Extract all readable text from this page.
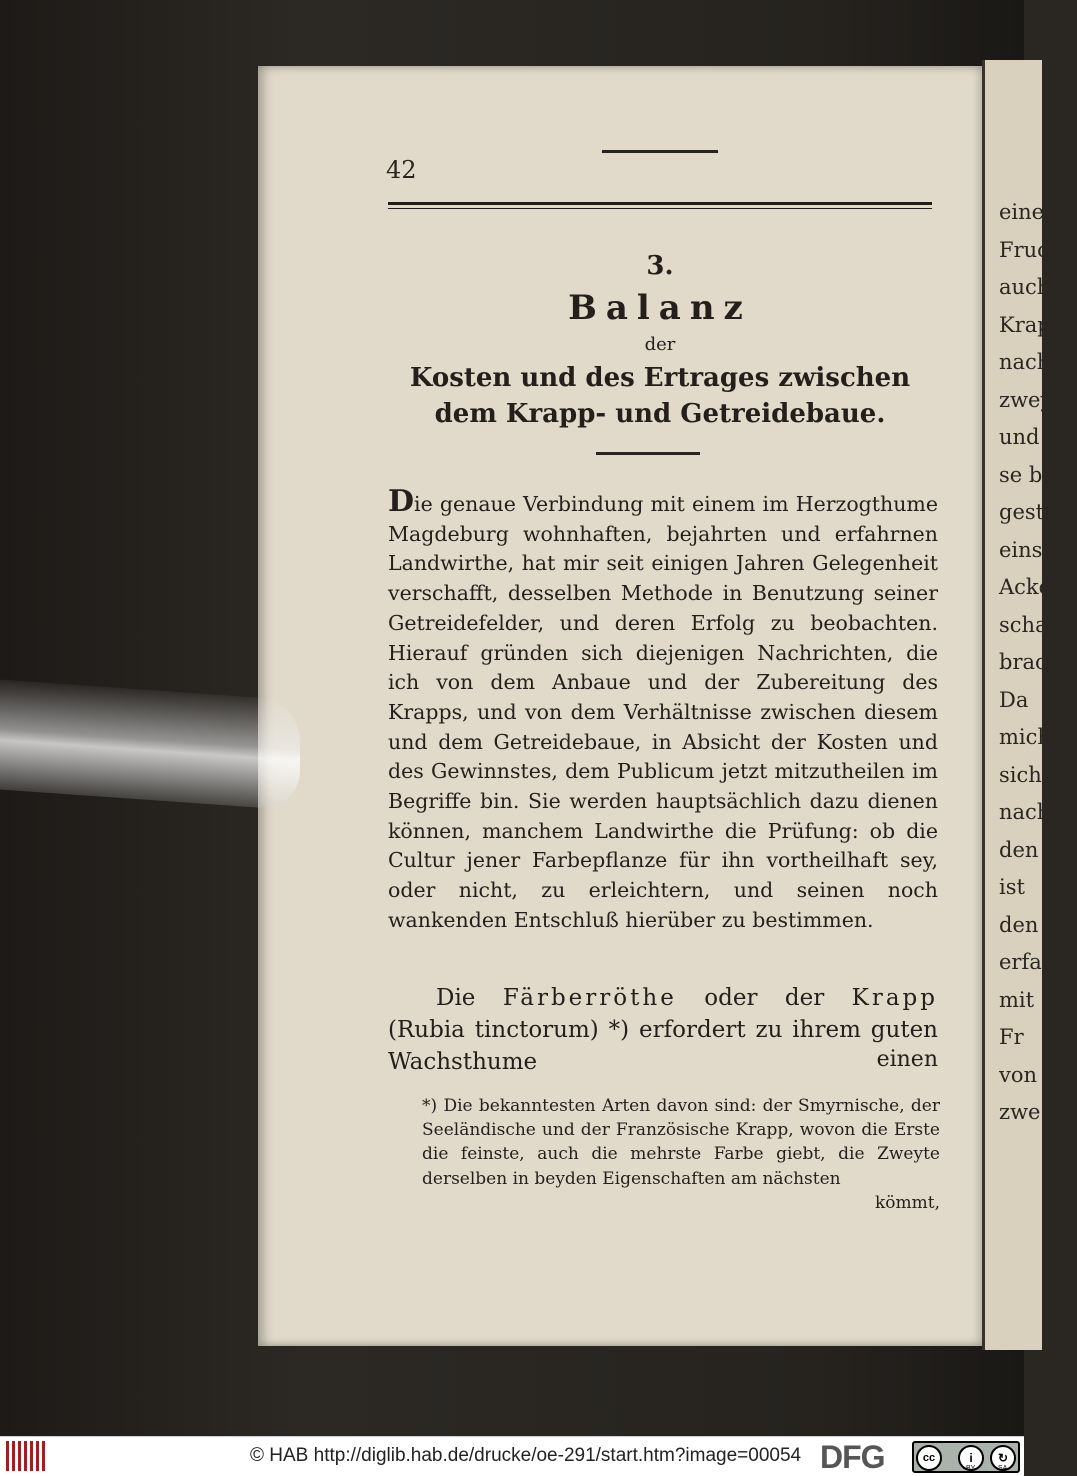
einem
Fruch
auch
Krap
nach
zweyt
und je
se besc
gestalt
einste
Acker
schaf
brac
Da
mich
sich
nach
den
ist
den
erfa
mit
Fr
von
zwe
42
3.
Balanz
der
Kosten und des Ertrages zwischen dem Krapp- und Getreidebaue.
Die genaue Verbindung mit einem im Herzogthume Magdeburg wohnhaften, bejahrten und erfahrnen Landwirthe, hat mir seit einigen Jahren Gelegenheit verschafft, desselben Methode in Benutzung seiner Getreidefelder, und deren Erfolg zu beobachten. Hierauf gründen sich diejenigen Nachrichten, die ich von dem Anbaue und der Zubereitung des Krapps, und von dem Verhältnisse zwischen diesem und dem Getreidebaue, in Absicht der Kosten und des Gewinnstes, dem Publicum jetzt mitzutheilen im Begriffe bin. Sie werden hauptsächlich dazu dienen können, manchem Landwirthe die Prüfung: ob die Cultur jener Farbepflanze für ihn vortheilhaft sey, oder nicht, zu erleichtern, und seinen noch wankenden Entschluß hierüber zu bestimmen.
Die Färberröthe oder der Krapp (Rubia tinctorum) *) erfordert zu ihrem guten Wachsthume	einen
*) Die bekanntesten Arten davon sind: der Smyrnische, der Seeländische und der Französische Krapp, wovon die Erste die feinste, auch die mehrste Farbe giebt, die Zweyte derselben in beyden Eigenschaften am nächsten
kömmt,
© HAB http://diglib.hab.de/drucke/oe-291/start.htm?image=00054 DFG	cc	i	↻
BY	SA
